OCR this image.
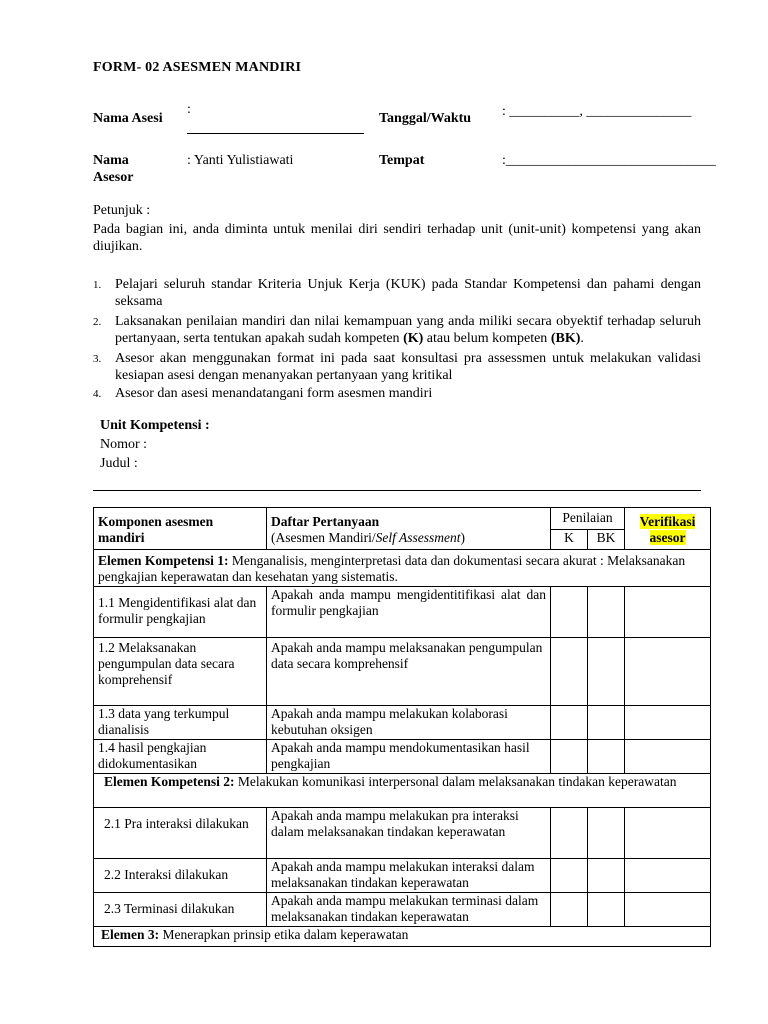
FORM- 02 ASESMEN MANDIRI
Nama Asesi
:
Tanggal/Waktu : __________, _______________
Nama
Asesor
: Yanti Yulistiawati	Tempat	:______________________________
Petunjuk :
Pada bagian ini, anda diminta untuk menilai diri sendiri terhadap unit (unit-unit) kompetensi yang akan diujikan.
1. Pelajari seluruh standar Kriteria Unjuk Kerja (KUK) pada Standar Kompetensi dan pahami dengan seksama
2. Laksanakan penilaian mandiri dan nilai kemampuan yang anda miliki secara obyektif terhadap seluruh pertanyaan, serta tentukan apakah sudah kompeten (K) atau belum kompeten (BK).
3. Asesor akan menggunakan format ini pada saat konsultasi pra assessmen untuk melakukan validasi kesiapan asesi dengan menanyakan pertanyaan yang kritikal
4. Asesor dan asesi menandatangani form asesmen mandiri
Unit Kompetensi :
Nomor :
Judul :
Komponen asesmen mandiri	Daftar Pertanyaan
(Asesmen Mandiri/Self Assessment)	Penilaian		Verifikasi asesor
		K	BK	
Elemen Kompetensi 1: Menganalisis, menginterpretasi data dan dokumentasi secara akurat : Melaksanakan pengkajian keperawatan dan kesehatan yang sistematis.				
1.1 Mengidentifikasi alat dan formulir pengkajian	Apakah anda mampu mengidentitifikasi alat dan formulir pengkajian			
1.2 Melaksanakan pengumpulan data secara komprehensif	Apakah anda mampu melaksanakan pengumpulan data secara komprehensif			
1.3 data yang terkumpul dianalisis	Apakah anda mampu melakukan kolaborasi kebutuhan oksigen			
1.4 hasil pengkajian didokumentasikan	Apakah anda mampu mendokumentasikan hasil pengkajian			
Elemen Kompetensi 2: Melakukan komunikasi interpersonal dalam melaksanakan tindakan keperawatan				
2.1 Pra interaksi dilakukan	Apakah anda mampu melakukan pra interaksi dalam melaksanakan tindakan keperawatan			
2.2 Interaksi dilakukan	Apakah anda mampu melakukan interaksi dalam melaksanakan tindakan keperawatan			
2.3 Terminasi dilakukan	Apakah anda mampu melakukan terminasi dalam melaksanakan tindakan keperawatan			
Elemen 3: Menerapkan prinsip etika dalam keperawatan				
